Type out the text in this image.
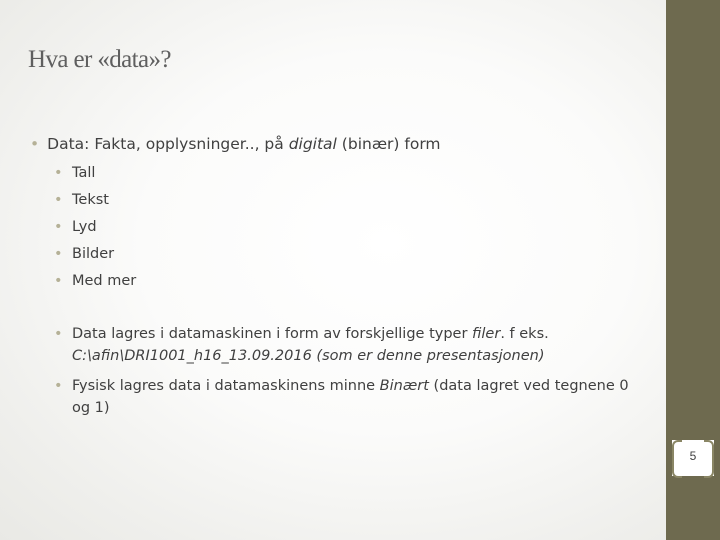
Hva er «data»?
• Data: Fakta, opplysninger.., på digital (binær) form
• Tall
• Tekst
• Lyd
• Bilder
• Med mer
• Data lagres i datamaskinen i form av forskjellige typer filer. f eks. C:\afin\DRI1001_h16_13.09.2016 (som er denne presentasjonen)
• Fysisk lagres data i datamaskinens minne Binært (data lagret ved tegnene 0 og 1)
5
